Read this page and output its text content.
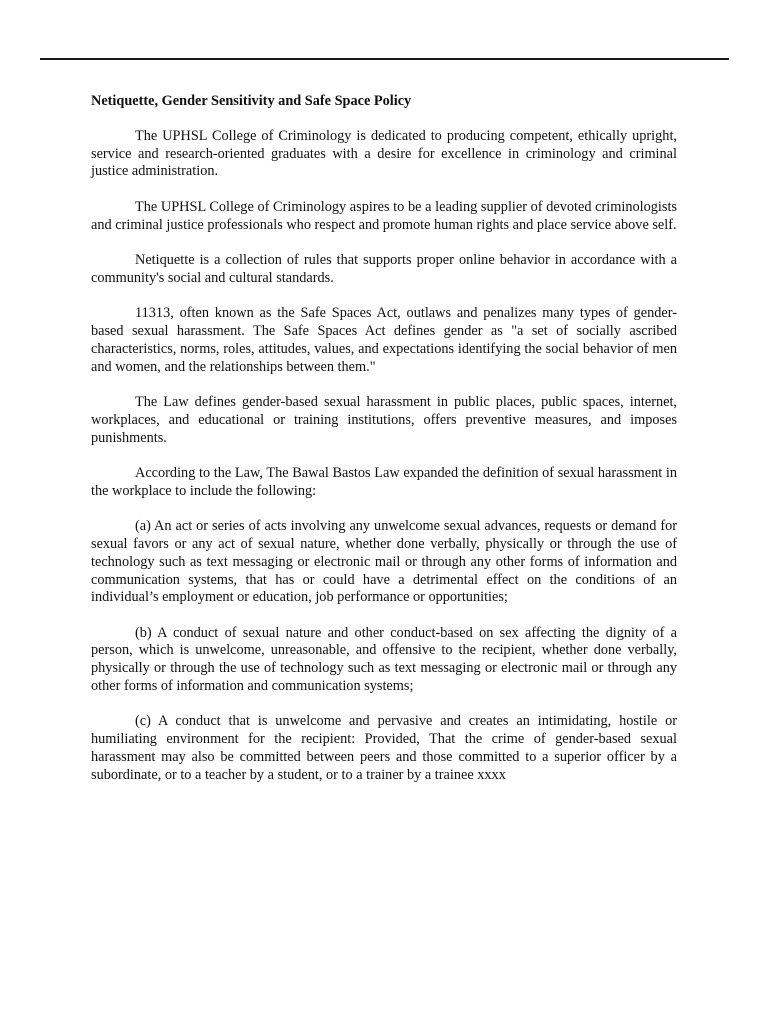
Netiquette, Gender Sensitivity and Safe Space Policy

The UPHSL College of Criminology is dedicated to producing competent, ethically upright, service and research-oriented graduates with a desire for excellence in criminology and criminal justice administration.

The UPHSL College of Criminology aspires to be a leading supplier of devoted criminologists and criminal justice professionals who respect and promote human rights and place service above self.

Netiquette is a collection of rules that supports proper online behavior in accordance with a community's social and cultural standards.

11313, often known as the Safe Spaces Act, outlaws and penalizes many types of gender-based sexual harassment. The Safe Spaces Act defines gender as "a set of socially ascribed characteristics, norms, roles, attitudes, values, and expectations identifying the social behavior of men and women, and the relationships between them."

The Law defines gender-based sexual harassment in public places, public spaces, internet, workplaces, and educational or training institutions, offers preventive measures, and imposes punishments.

According to the Law, The Bawal Bastos Law expanded the definition of sexual harassment in the workplace to include the following:

(a) An act or series of acts involving any unwelcome sexual advances, requests or demand for sexual favors or any act of sexual nature, whether done verbally, physically or through the use of technology such as text messaging or electronic mail or through any other forms of information and communication systems, that has or could have a detrimental effect on the conditions of an individual’s employment or education, job performance or opportunities;

(b) A conduct of sexual nature and other conduct-based on sex affecting the dignity of a person, which is unwelcome, unreasonable, and offensive to the recipient, whether done verbally, physically or through the use of technology such as text messaging or electronic mail or through any other forms of information and communication systems;

(c) A conduct that is unwelcome and pervasive and creates an intimidating, hostile or humiliating environment for the recipient: Provided, That the crime of gender-based sexual harassment may also be committed between peers and those committed to a superior officer by a subordinate, or to a teacher by a student, or to a trainer by a trainee xxxx
